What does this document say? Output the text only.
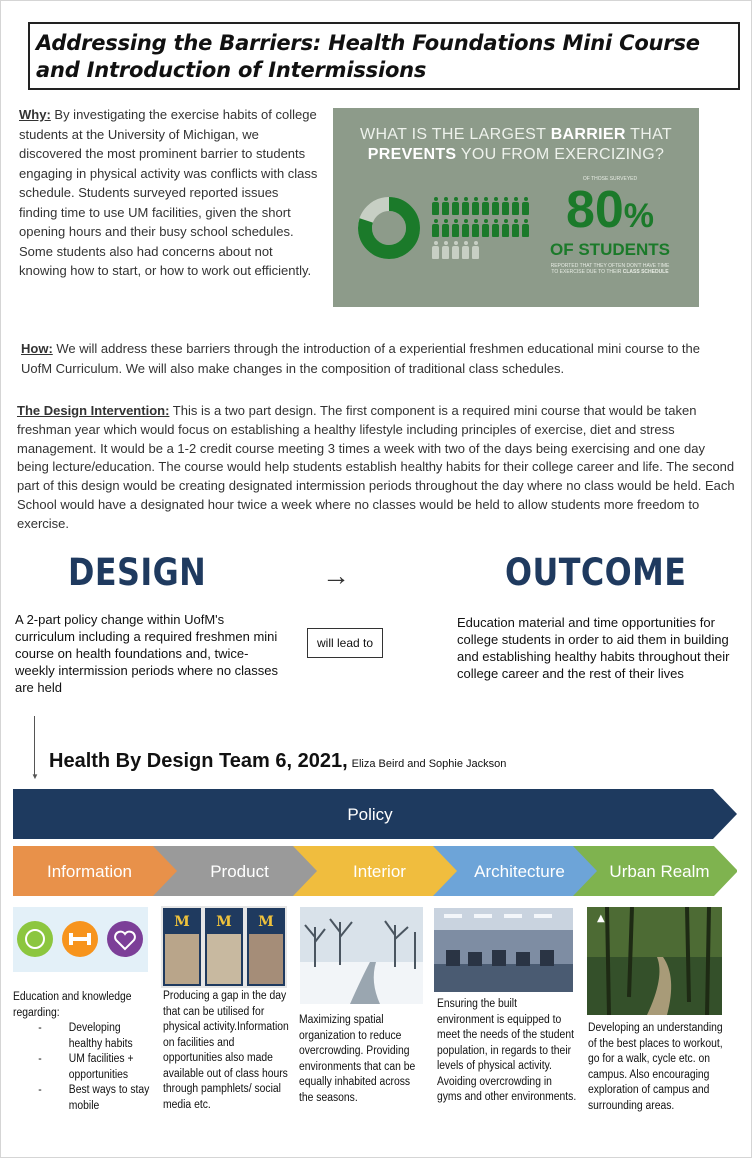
Addressing the Barriers: Health Foundations Mini Course and Introduction of Intermissions
Why: By investigating the exercise habits of college students at the University of Michigan, we discovered the most prominent barrier to students engaging in physical activity was conflicts with class schedule. Students surveyed reported issues finding time to use UM facilities, given the short opening hours and their busy school schedules. Some students also had concerns about not knowing how to start, or how to work out efficiently.
WHAT IS THE LARGEST BARRIER THAT
PREVENTS YOU FROM EXERCIZING?
OF THOSE SURVEYED
80%
OF STUDENTS
REPORTED THAT THEY OFTEN DON'T HAVE TIME TO EXERCISE DUE TO THEIR CLASS SCHEDULE
How: We will address these barriers through the introduction of a experiential freshmen educational mini course to the UofM Curriculum. We will also make changes in the composition of traditional class schedules.
The Design Intervention: This is a two part design. The first component is a required mini course that would be taken freshman year which would focus on establishing a healthy lifestyle including principles of exercise, diet and stress management. It would be a 1-2 credit course meeting 3 times a week with two of the days being exercising and one day being lecture/education. The course would help students establish healthy habits for their college career and life. The second part of this design would be creating designated intermission periods throughout the day where no class would be held. Each School would have a designated hour twice a week where no classes would be held to allow students more freedom to exercise.
DESIGN	→	OUTCOME
A 2-part policy change within UofM's curriculum including a required freshmen mini course on health foundations and, twice-weekly intermission periods where no classes are held
will lead to
Education material and time opportunities for college students in order to aid them in building and establishing healthy habits throughout their college career and the rest of their lives
▼
Health By Design Team 6, 2021, Eliza Beird and Sophie Jackson
Policy
Information	Product	Interior	Architecture	Urban Realm
M M M	▲
Education and knowledge regarding:
- Developing healthy habits
- UM facilities + opportunities
- Best ways to stay mobile
Producing a gap in the day that can be utilised for physical activity.Information on facilities and opportunities also made available out of class hours through pamphlets/ social media etc.
Maximizing spatial organization to reduce overcrowding. Providing environments that can be equally inhabited across the seasons.
Ensuring the built environment is equipped to meet the needs of the student population, in regards to their levels of physical activity. Avoiding overcrowding in gyms and other environments.
Developing an understanding of the best places to workout, go for a walk, cycle etc. on campus. Also encouraging exploration of campus and surrounding areas.
